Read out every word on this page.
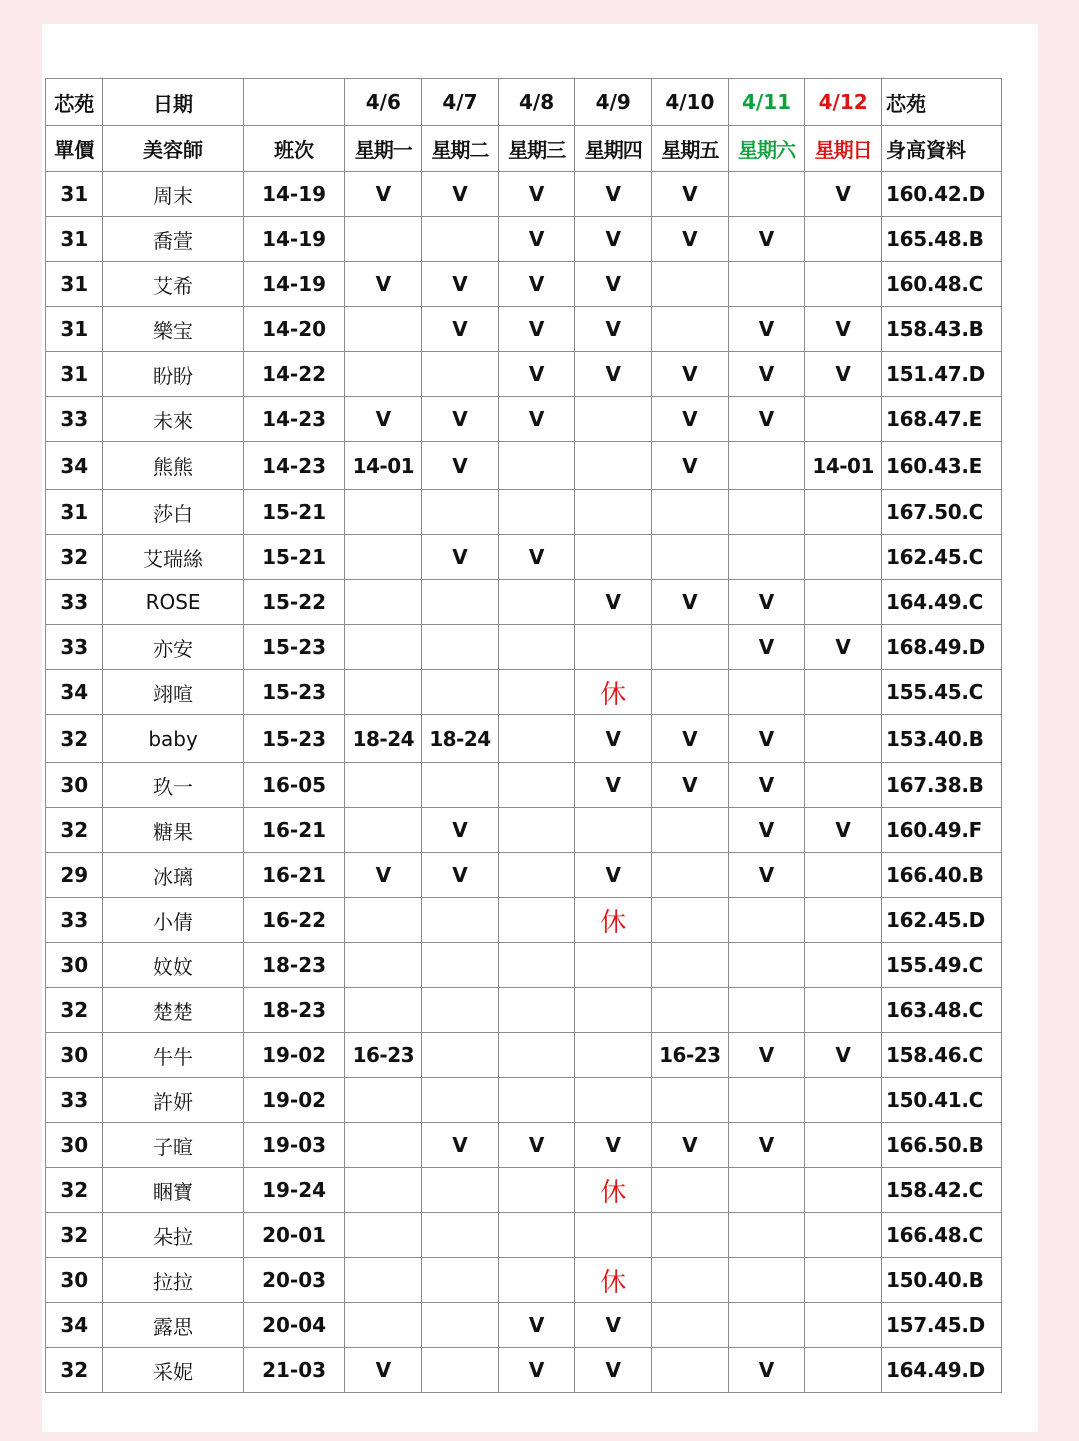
芯苑	日期		4/6	4/7	4/8	4/9	4/10	4/11	4/12	芯苑
單價	美容師	班次	星期一	星期二	星期三	星期四	星期五	星期六	星期日	身高資料
31	周末	14-19	V	V	V	V	V		V	160.42.D
31	喬萱	14-19			V	V	V	V		165.48.B
31	艾希	14-19	V	V	V	V				160.48.C
31	樂宝	14-20		V	V	V		V	V	158.43.B
31	盼盼	14-22			V	V	V	V	V	151.47.D
33	未來	14-23	V	V	V		V	V		168.47.E
34	熊熊	14-23	14-01	V			V		14-01	160.43.E
31	莎白	15-21								167.50.C
32	艾瑞絲	15-21		V	V					162.45.C
33	ROSE	15-22				V	V	V		164.49.C
33	亦安	15-23						V	V	168.49.D
34	翊喧	15-23				休				155.45.C
32	baby	15-23	18-24	18-24		V	V	V		153.40.B
30	玖一	16-05				V	V	V		167.38.B
32	糖果	16-21		V				V	V	160.49.F
29	冰璃	16-21	V	V		V		V		166.40.B
33	小倩	16-22				休				162.45.D
30	妏妏	18-23								155.49.C
32	楚楚	18-23								163.48.C
30	牛牛	19-02	16-23				16-23	V	V	158.46.C
33	許妍	19-02								150.41.C
30	子暄	19-03		V	V	V	V	V		166.50.B
32	睏寶	19-24				休				158.42.C
32	朵拉	20-01								166.48.C
30	拉拉	20-03				休				150.40.B
34	露思	20-04			V	V				157.45.D
32	采妮	21-03	V		V	V		V		164.49.D
